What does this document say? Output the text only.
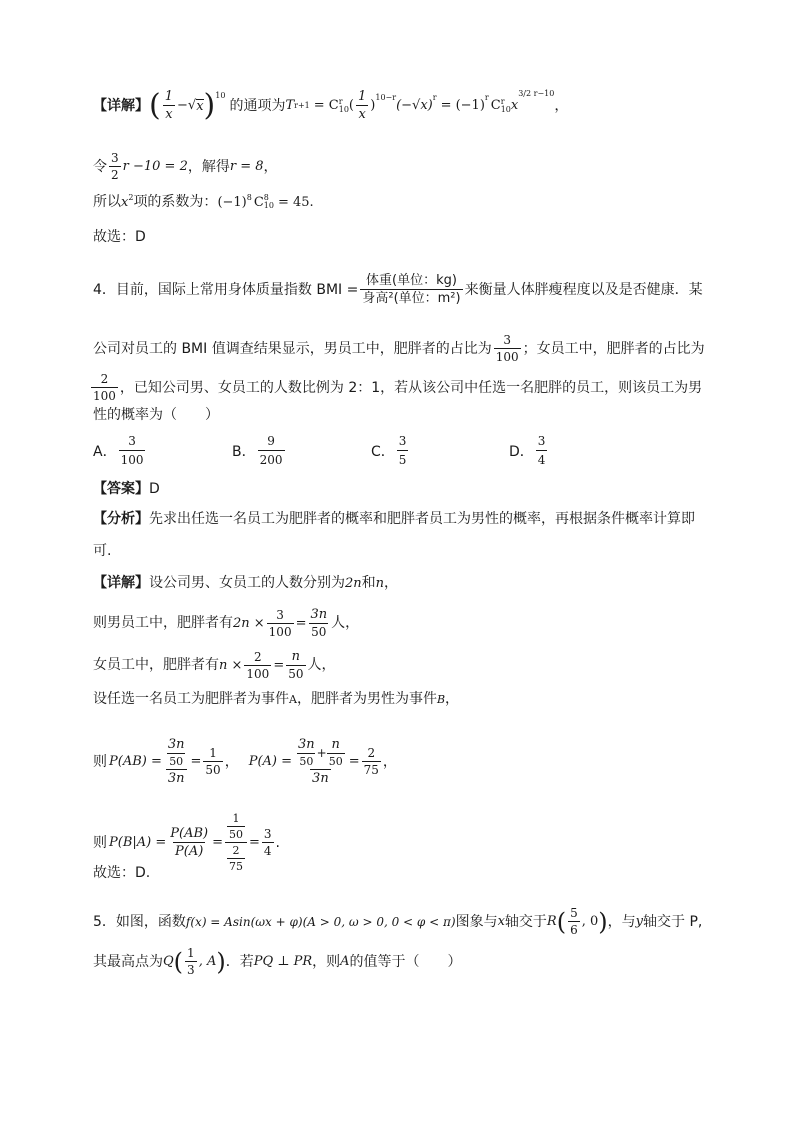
【详解】 ( $\frac{1}{x}$ − √ x )$^{10}$
的通项为 T r+1 = C r
10 ( $\frac{1}{x}$ )
$^{10-r}$
(−√x)
$^r$
= (−1)
$^r$
C r
10 x
3/2 r−10
，
令 $\frac{3}{2}$ r −10 = 2 ，解得 r = 8 ，
所以 $x^2$ 项的系数为： $(-1)^8$ C 8
10 = 45.
故选：D
4．目前，国际上常用身体质量指数 BMI = $\frac{\text{体重(单位：kg)}}{\text{身高²(单位：m²)}}$ 来衡量人体胖瘦程度以及是否健康．某
公司对员工的 BMI 值调查结果显示，男员工中，肥胖者的占比为 $\frac{3}{100}$ ；女员工中，肥胖者的占比为
$\frac{2}{100}$ ，已知公司男、女员工的人数比例为 2：1，若从该公司中任选一名肥胖的员工，则该员工为男
性的概率为（　　）
A． $\frac{3}{100}$	B． $\frac{9}{200}$	C． $\frac{3}{5}$	D． $\frac{3}{4}$
【答案】 D
【分析】 先求出任选一名员工为肥胖者的概率和肥胖者员工为男性的概率，再根据条件概率计算即
可.
【详解】 设公司男、女员工的人数分别为 2n 和 n ，
则男员工中，肥胖者有 $2n \times \frac{3}{100} = \frac{3n}{50}$ 人，
女员工中，肥胖者有 $n \times \frac{2}{100} = \frac{n}{50}$ 人，
设任选一名员工为肥胖者为事件 A ，肥胖者为男性为事件 B ，
则 $P(AB) = \frac{\frac{3n}{50}}{3n} = \frac{1}{50}$ ， $P(A) = \frac{\frac{3n}{50} + \frac{n}{50}}{3n} = \frac{2}{75}$ ，
则 $P(B|A) = \frac{P(AB)}{P(A)} = \frac{\frac{1}{50}}{\frac{2}{75}} = \frac{3}{4}$ .
故选：D.
5．如图，函数 f(x) = Asin(ωx + φ)(A > 0, ω > 0, 0 < φ < π) 图象与 x 轴交于 R ( $\frac{5}{6}$ , 0 ) ，与 y 轴交于 P,
其最高点为 Q ( $\frac{1}{3}$ , A ) ．若 PQ ⊥ PR ，则 A 的值等于（　　）
